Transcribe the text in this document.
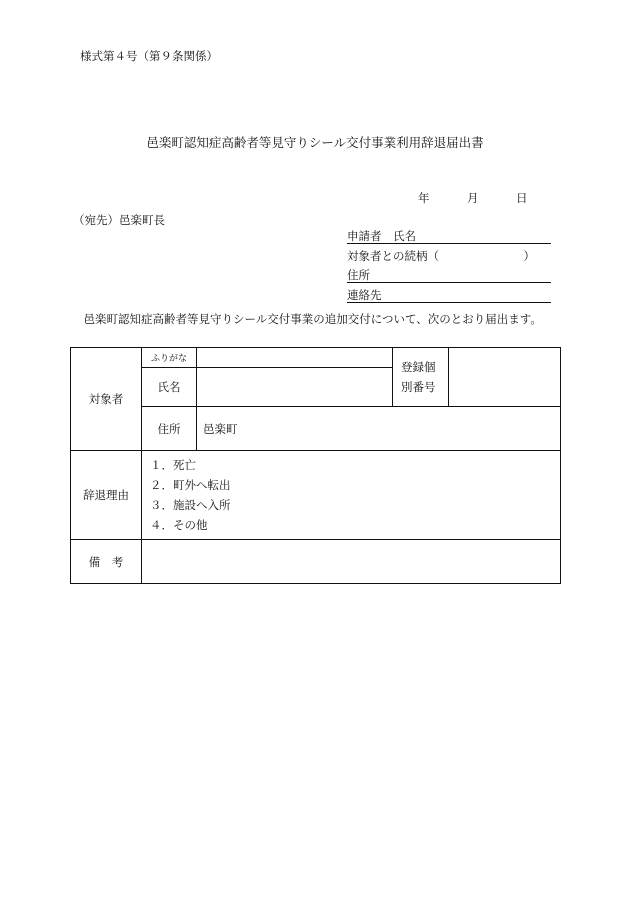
様式第４号（第９条関係）
邑楽町認知症高齢者等見守りシール交付事業利用辞退届出書
年	月	日
（宛先）邑楽町長
申請者　氏名
対象者との続柄（	）
住所
連絡先
邑楽町認知症高齢者等見守りシール交付事業の追加交付について、次のとおり届出ます。
対象者	ふりがな		登録個
別番号	

	氏名			
	住所	邑楽町		
辞退理由	１．死亡
２．町外へ転出
３．施設へ入所
４．その他			

備　考				
